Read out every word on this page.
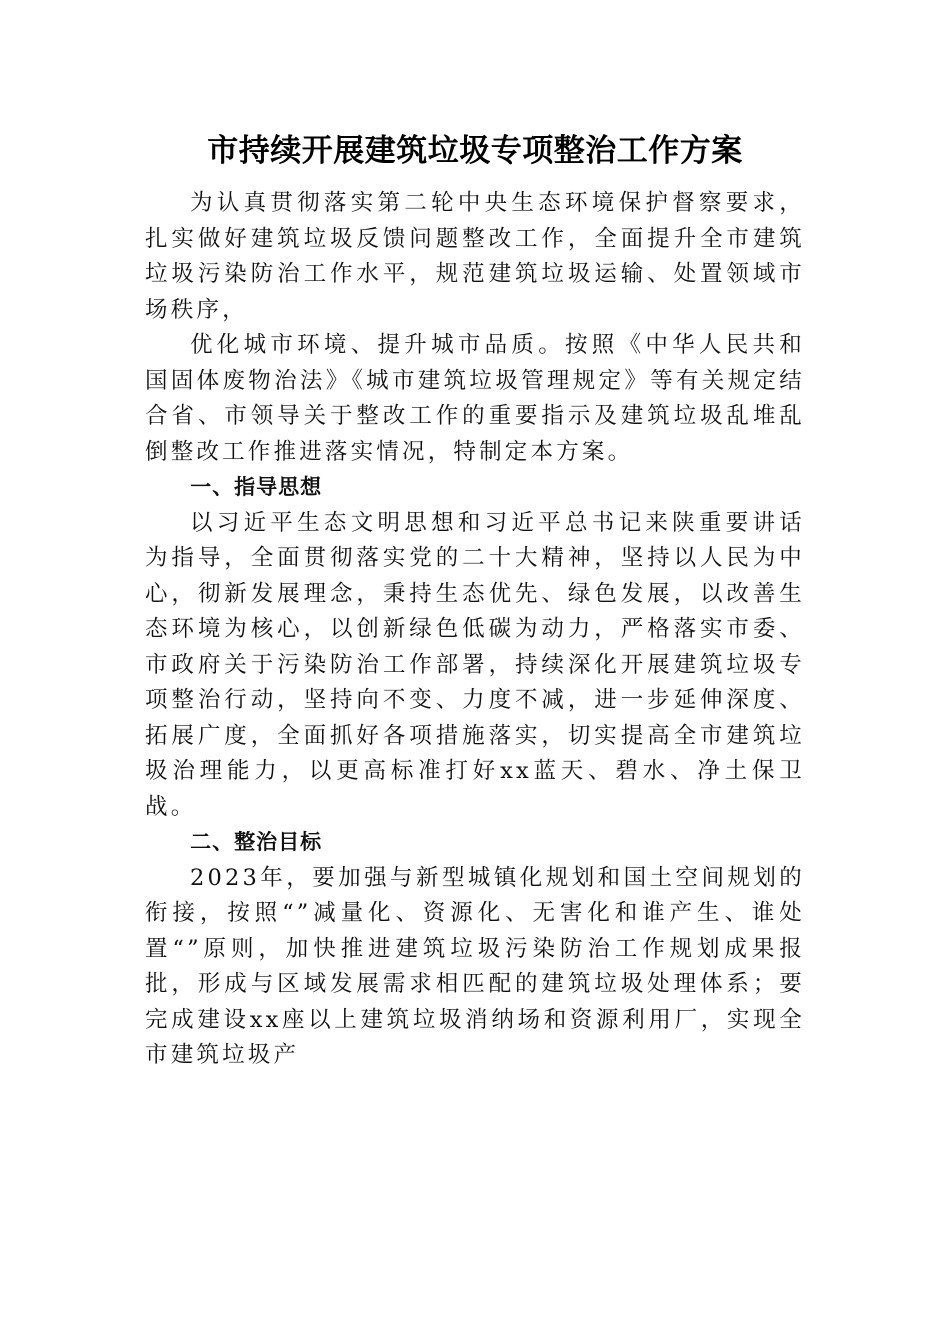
市持续开展建筑垃圾专项整治工作方案

为认真贯彻落实第二轮中央生态环境保护督察要求，扎实做好建筑垃圾反馈问题整改工作，全面提升全市建筑垃圾污染防治工作水平，规范建筑垃圾运输、处置领域市场秩序，

优化城市环境、提升城市品质。按照《中华人民共和国固体废物治法》《城市建筑垃圾管理规定》等有关规定结合省、市领导关于整改工作的重要指示及建筑垃圾乱堆乱倒整改工作推进落实情况，特制定本方案。

一、指导思想

以习近平生态文明思想和习近平总书记来陕重要讲话为指导，全面贯彻落实党的二十大精神，坚持以人民为中心，彻新发展理念，秉持生态优先、绿色发展，以改善生态环境为核心，以创新绿色低碳为动力，严格落实市委、市政府关于污染防治工作部署，持续深化开展建筑垃圾专项整治行动，坚持向不变、力度不减，进一步延伸深度、拓展广度，全面抓好各项措施落实，切实提高全市建筑垃圾治理能力，以更高标准打好xx蓝天、碧水、净土保卫战。

二、整治目标

2023年，要加强与新型城镇化规划和国土空间规划的衔接，按照“”减量化、资源化、无害化和谁产生、谁处置“”原则，加快推进建筑垃圾污染防治工作规划成果报批，形成与区域发展需求相匹配的建筑垃圾处理体系；要完成建设xx座以上建筑垃圾消纳场和资源利用厂，实现全市建筑垃圾产
